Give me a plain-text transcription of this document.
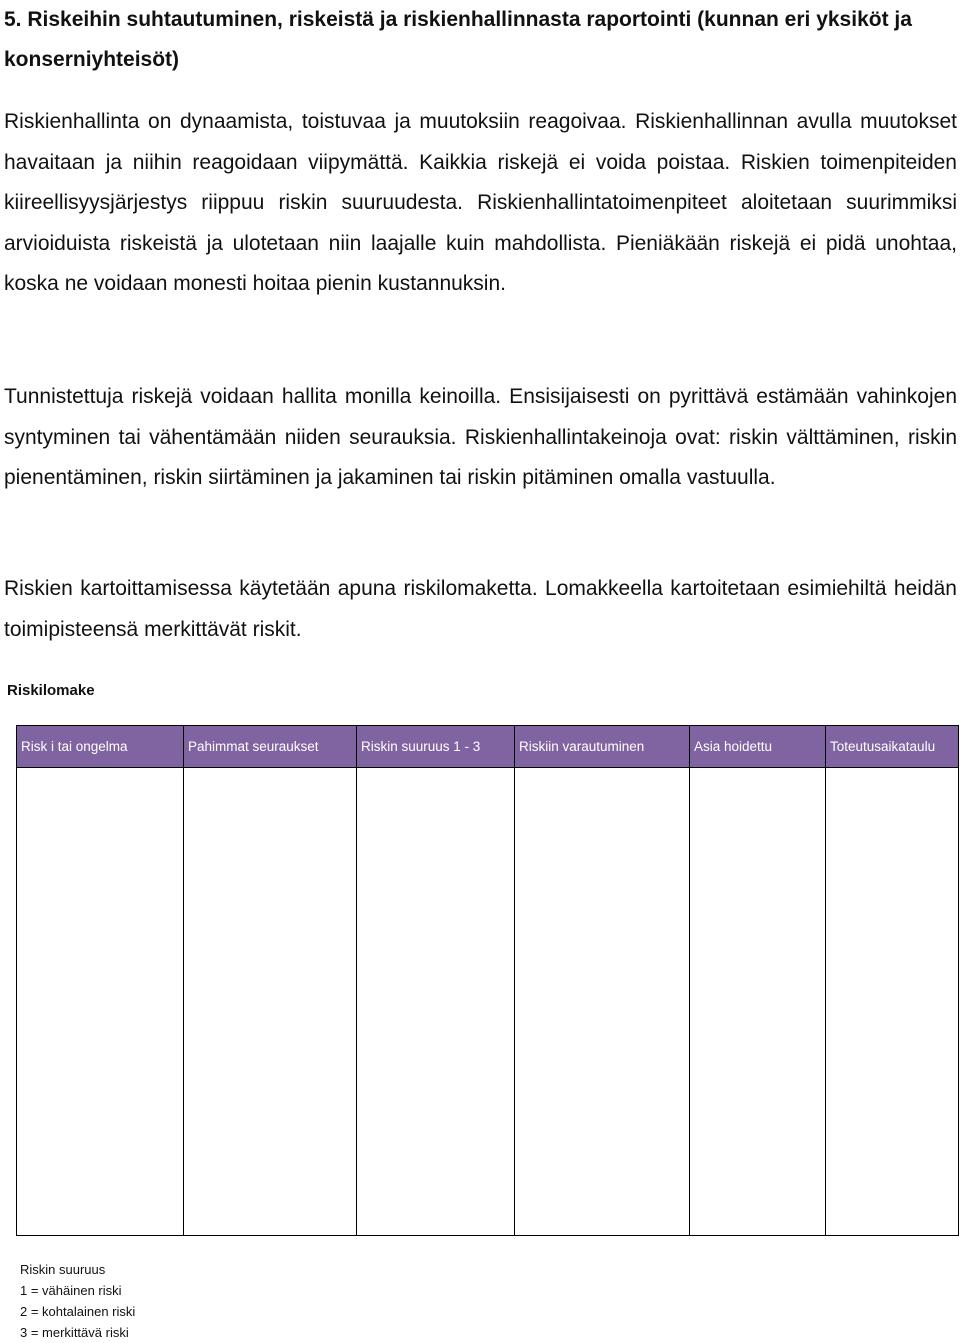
5. Riskeihin suhtautuminen, riskeistä ja riskienhallinnasta raportointi (kunnan eri yksiköt ja konserniyhteisöt)

Riskienhallinta on dynaamista, toistuvaa ja muutoksiin reagoivaa. Riskienhallinnan avulla muutokset havaitaan ja niihin reagoidaan viipymättä. Kaikkia riskejä ei voida poistaa. Riskien toimenpiteiden kiireellisyysjärjestys riippuu riskin suuruudesta. Riskienhallintatoimenpiteet aloitetaan suurimmiksi arvioiduista riskeistä ja ulotetaan niin laajalle kuin mahdollista. Pieniäkään riskejä ei pidä unohtaa, koska ne voidaan monesti hoitaa pienin kustannuksin.

Tunnistettuja riskejä voidaan hallita monilla keinoilla. Ensisijaisesti on pyrittävä estämään vahinkojen syntyminen tai vähentämään niiden seurauksia. Riskienhallintakeinoja ovat: riskin välttäminen, riskin pienentäminen, riskin siirtäminen ja jakaminen tai riskin pitäminen omalla vastuulla.

Riskien kartoittamisessa käytetään apuna riskilomaketta. Lomakkeella kartoitetaan esimiehiltä heidän toimipisteensä merkittävät riskit.

Riskilomake
Risk i tai ongelma	Pahimmat seuraukset	Riskin suuruus 1 - 3	Riskiin varautuminen	Asia hoidettu	Toteutusaikataulu

Riskin suuruus
1 = vähäinen riski
2 = kohtalainen riski
3 = merkittävä riski
